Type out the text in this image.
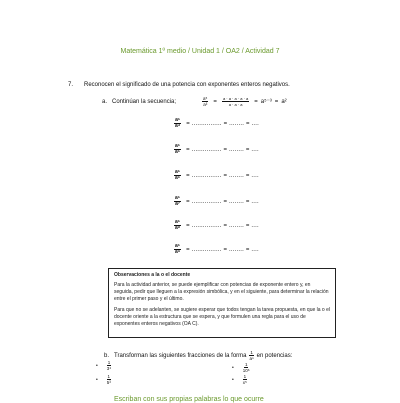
Matemática 1º medio / Unidad 1 / OA2 / Actividad 7
7. Reconocen el significado de una potencia con exponentes enteros negativos.
a. Continúan la secuencia;	$\frac{\text{a⁵}}{\text{a³}} = \frac{a \cdot a \cdot a \cdot a \cdot a}{a \cdot a \cdot a} = a^{5-3} = a^2$
$\frac{\text{a⁵}}{\text{a⁴}}$ = ................ = ........ = ....
$\frac{\text{a⁵}}{\text{a⁵}}$ = ................ = ........ = ....
$\frac{\text{a⁵}}{\text{a⁶}}$ = ................ = ........ = ....
$\frac{\text{a⁵}}{\text{a⁷}}$ = ................ = ........ = ....
$\frac{\text{a⁵}}{\text{a⁸}}$ = ................ = ........ = ....
$\frac{\text{a⁵}}{\text{a⁹}}$ = ................ = ........ = ....
Observaciones a la o el docente

Para la actividad anterior, se puede ejemplificar con potencias de exponente entero y, en seguida, pedir que lleguen a la expresión simbólica, y en el siguiente, para determinar la relación entre el primer paso y el último.

Para que no se adelanten, se sugiere esperar que todos tengan la tarea propuesta, en que la o el docente oriente a la estructura que se espera, y que formulen una regla para el uso de exponentes enteros negativos (OA C).

b. Transforman las siguientes fracciones de la forma $\frac{1}{\text{aⁿ}}$ en potencias:
• $\frac{1}{\text{3⁴}}$
• $\frac{1}{\text{5³}}$
• $\frac{1}{\text{10⁶}}$
• $\frac{1}{\text{x⁵}}$
Escriban con sus propias palabras lo que ocurre
